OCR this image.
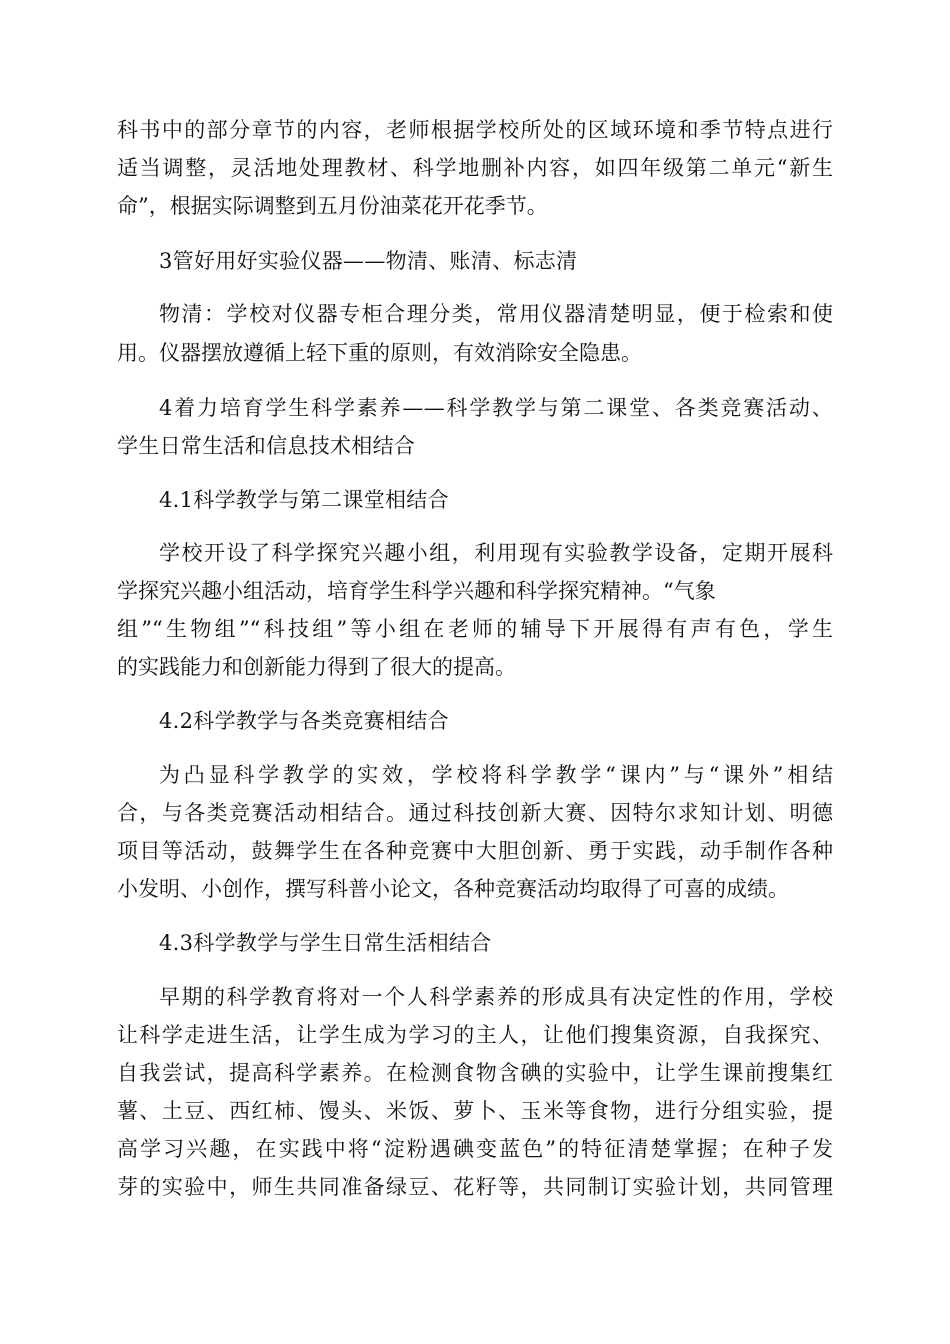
科书中的部分章节的内容，老师根据学校所处的区域环境和季节特点进行
适当调整，灵活地处理教材、科学地删补内容，如四年级第二单元“新生
命”，根据实际调整到五月份油菜花开花季节。
3管好用好实验仪器——物清、账清、标志清
物清：学校对仪器专柜合理分类，常用仪器清楚明显，便于检索和使
用。仪器摆放遵循上轻下重的原则，有效消除安全隐患。
4着力培育学生科学素养——科学教学与第二课堂、各类竞赛活动、
学生日常生活和信息技术相结合
4.1科学教学与第二课堂相结合
学校开设了科学探究兴趣小组，利用现有实验教学设备，定期开展科
学探究兴趣小组活动，培育学生科学兴趣和科学探究精神。“气象
组”“生物组”“科技组”等小组在老师的辅导下开展得有声有色，学生
的实践能力和创新能力得到了很大的提高。
4.2科学教学与各类竞赛相结合
为凸显科学教学的实效，学校将科学教学“课内”与“课外”相结
合，与各类竞赛活动相结合。通过科技创新大赛、因特尔求知计划、明德
项目等活动，鼓舞学生在各种竞赛中大胆创新、勇于实践，动手制作各种
小发明、小创作，撰写科普小论文，各种竞赛活动均取得了可喜的成绩。
4.3科学教学与学生日常生活相结合
早期的科学教育将对一个人科学素养的形成具有决定性的作用，学校
让科学走进生活，让学生成为学习的主人，让他们搜集资源，自我探究、
自我尝试，提高科学素养。在检测食物含碘的实验中，让学生课前搜集红
薯、土豆、西红柿、馒头、米饭、萝卜、玉米等食物，进行分组实验，提
高学习兴趣，在实践中将“淀粉遇碘变蓝色”的特征清楚掌握；在种子发
芽的实验中，师生共同准备绿豆、花籽等，共同制订实验计划，共同管理
